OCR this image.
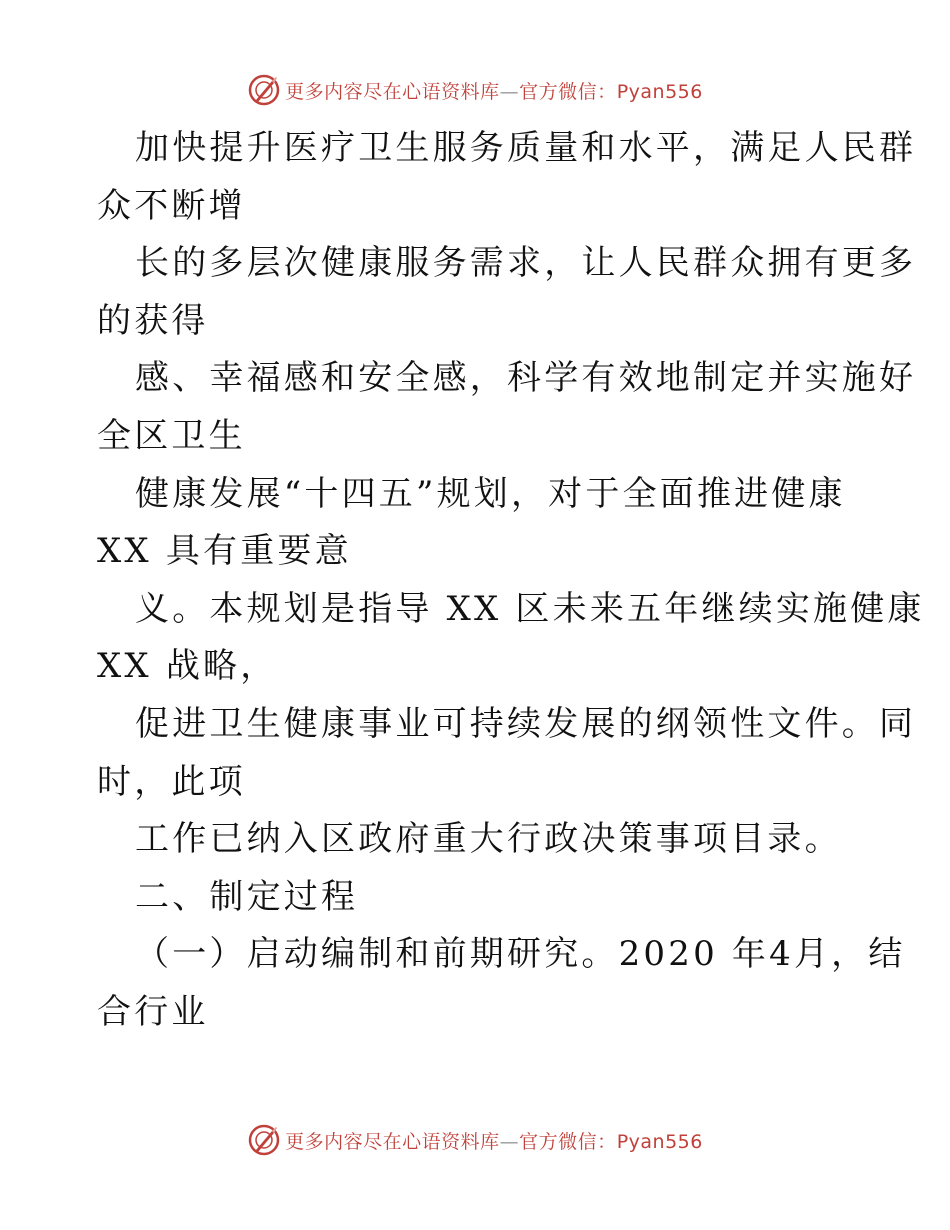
更多内容尽在心语资料库—官方微信：Pyan556
加快提升医疗卫生服务质量和水平，满足人民群
众不断增
长的多层次健康服务需求，让人民群众拥有更多
的获得
感、幸福感和安全感，科学有效地制定并实施好
全区卫生
健康发展“十四五”规划，对于全面推进健康
XX 具有重要意
义。本规划是指导 XX 区未来五年继续实施健康
XX 战略，
促进卫生健康事业可持续发展的纲领性文件。同
时，此项
工作已纳入区政府重大行政决策事项目录。
二、制定过程
（一）启动编制和前期研究。2020 年4月，结
合行业
更多内容尽在心语资料库—官方微信：Pyan556
